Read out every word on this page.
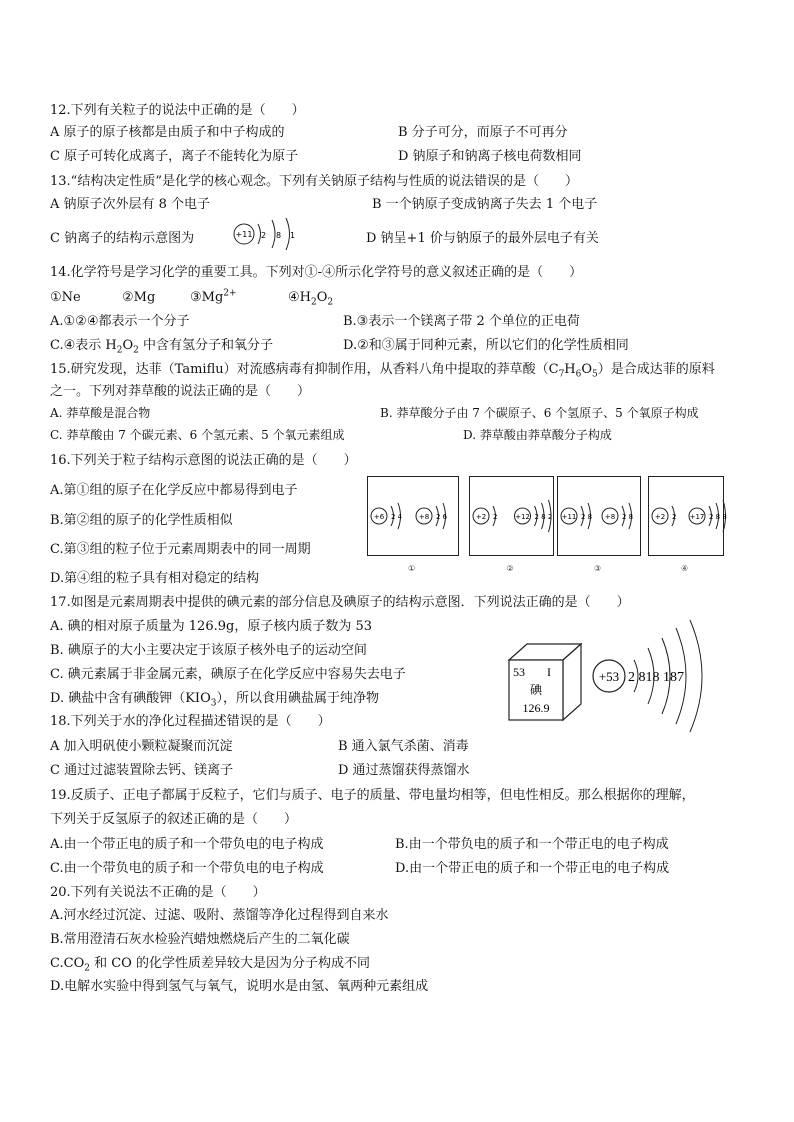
12.下列有关粒子的说法中正确的是（　　）
A 原子的原子核都是由质子和中子构成的	B 分子可分，而原子不可再分
C 原子可转化成离子，离子不能转化为原子	D 钠原子和钠离子核电荷数相同
13.“结构决定性质”是化学的核心观念。下列有关钠原子结构与性质的说法错误的是（　　）
A 钠原子次外层有 8 个电子	B 一个钠原子变成钠离子失去 1 个电子
C 钠离子的结构示意图为	+11 2 8 1	D 钠呈+1 价与钠原子的最外层电子有关
14.化学符号是学习化学的重要工具。下列对①-④所示化学符号的意义叙述正确的是（　　）
①Ne	②Mg	$③Mg^{2+}$	$④H_2O_2$
A.①②④都表示一个分子	B.③表示一个镁离子带 2 个单位的正电荷
C.④表示 $H_2O_2$ 中含有氢分子和氧分子	D.②和③属于同种元素，所以它们的化学性质相同
15.研究发现，达菲（Tamiflu）对流感病毒有抑制作用，从香料八角中提取的莽草酸$(C_7H_6O_5)$是合成达菲的原料
之一。下列对莽草酸的说法正确的是（　　）
A. 莽草酸是混合物	B. 莽草酸分子由 7 个碳原子、6 个氢原子、5 个氧原子构成
C. 莽草酸由 7 个碳元素、6 个氢元素、5 个氧元素组成	D. 莽草酸由莽草酸分子构成
16.下列关于粒子结构示意图的说法正确的是（　　）
A.第①组的原子在化学反应中都易得到电子
B.第②组的原子的化学性质相似
C.第③组的粒子位于元素周期表中的同一周期
D.第④组的粒子具有相对稳定的结构
+6 2 4 +8 2 6
①
+2 2	+12 2 8 2
②
+11 2 8 +8 2 8
③
+2 2 +17 2 8 8
④
17.如图是元素周期表中提供的碘元素的部分信息及碘原子的结构示意图．下列说法正确的是（　　）
A. 碘的相对原子质量为 126.9g，原子核内质子数为 53
B. 碘原子的大小主要决定于该原子核外电子的运动空间
C. 碘元素属于非金属元素，碘原子在化学反应中容易失去电子
D. 碘盐中含有碘酸钾$(KIO_3)$，所以食用碘盐属于纯净物
53 I
碘
126.9
+53 2 818 187
18.下列关于水的净化过程描述错误的是（　　）
A 加入明矾使小颗粒凝聚而沉淀	B 通入氯气杀菌、消毒
C 通过过滤装置除去钙、镁离子	D 通过蒸馏获得蒸馏水
19.反质子、正电子都属于反粒子，它们与质子、电子的质量、带电量均相等，但电性相反。那么根据你的理解，
下列关于反氢原子的叙述正确的是（　　）
A.由一个带正电的质子和一个带负电的电子构成	B.由一个带负电的质子和一个带正电的电子构成
C.由一个带负电的质子和一个带负电的电子构成	D.由一个带正电的质子和一个带正电的电子构成
20.下列有关说法不正确的是（　　）
A.河水经过沉淀、过滤、吸附、蒸馏等净化过程得到自来水
B.常用澄清石灰水检验汽蜡烛燃烧后产生的二氧化碳
$C.CO_2$ 和 CO 的化学性质差异较大是因为分子构成不同
D.电解水实验中得到氢气与氧气，说明水是由氢、氧两种元素组成
